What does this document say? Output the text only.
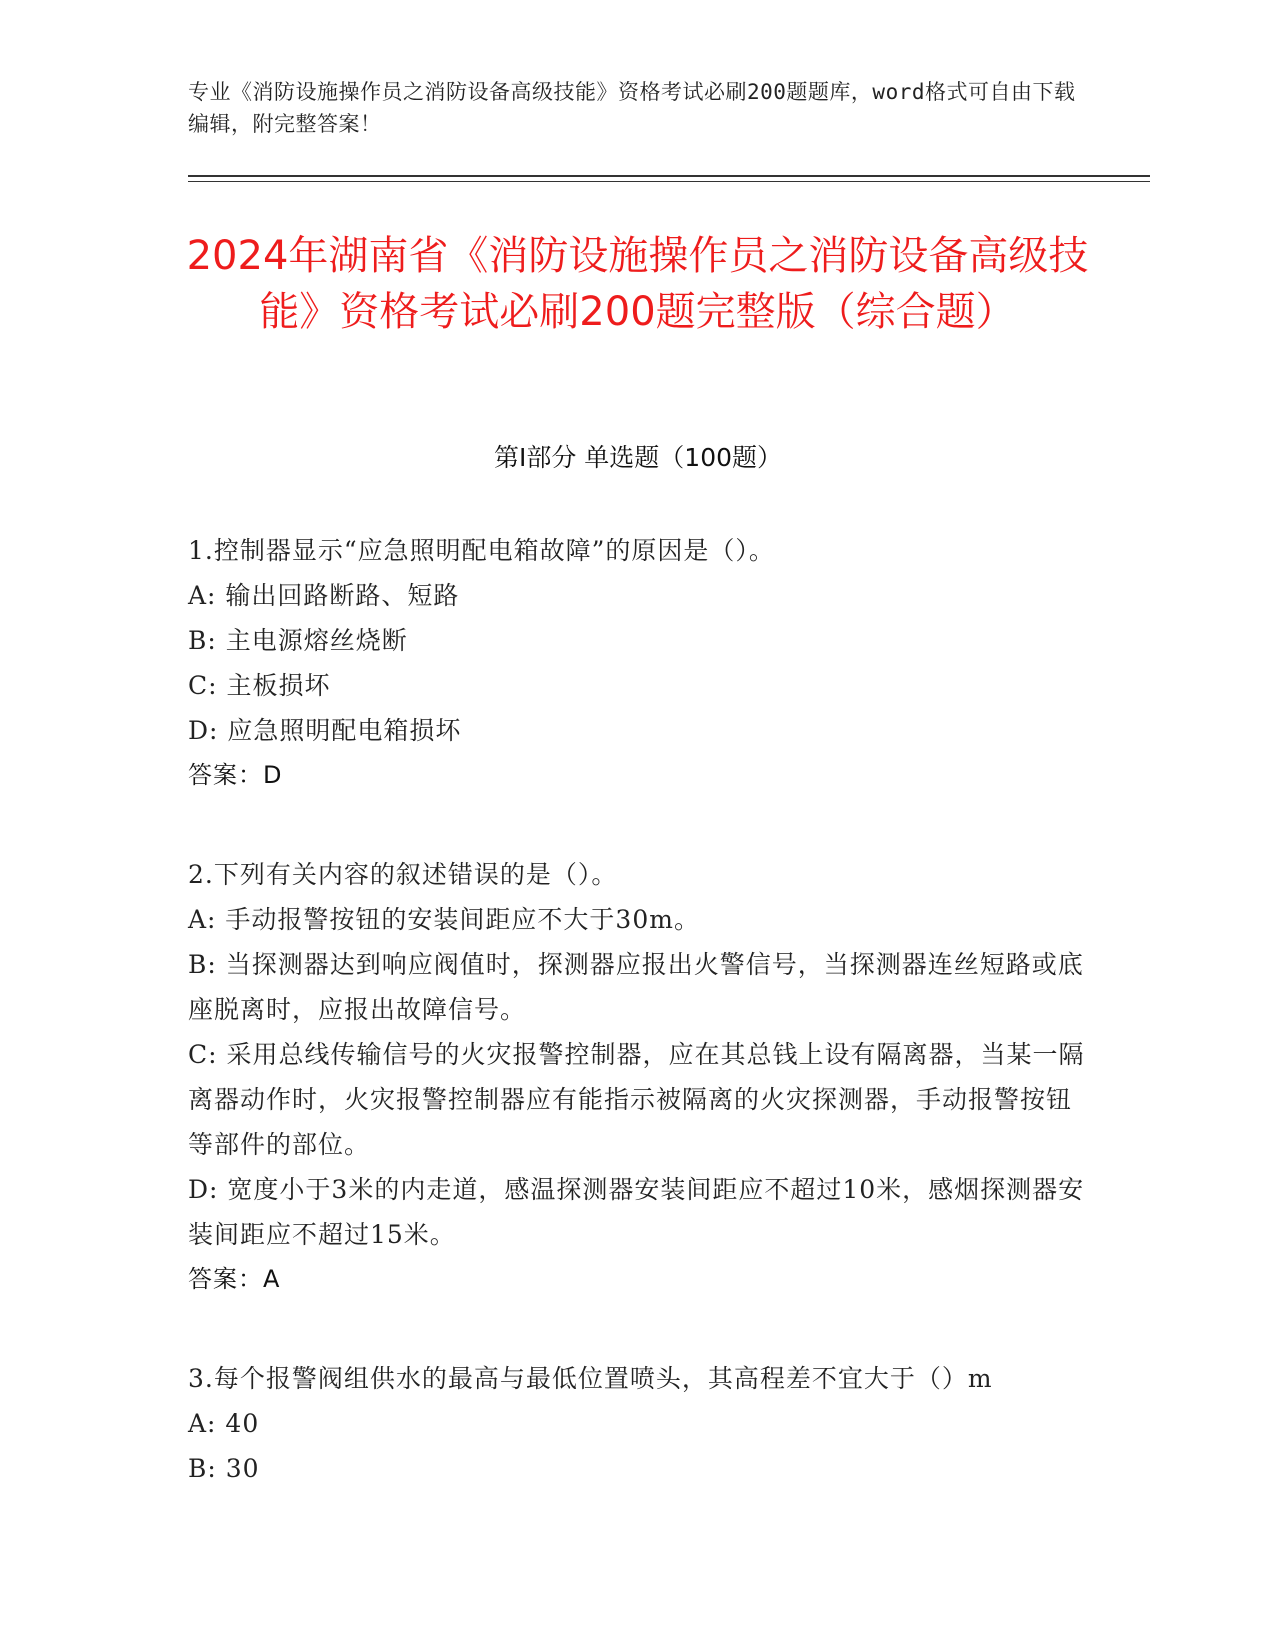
专业《消防设施操作员之消防设备高级技能》资格考试必刷200题题库，word格式可自由下载编辑，附完整答案！
2024年湖南省《消防设施操作员之消防设备高级技能》资格考试必刷200题完整版（综合题）
第I部分 单选题（100题）

1.控制器显示“应急照明配电箱故障”的原因是（）。

A: 输出回路断路、短路

B: 主电源熔丝烧断

C: 主板损坏

D: 应急照明配电箱损坏

答案：D

2.下列有关内容的叙述错误的是（）。

A: 手动报警按钮的安装间距应不大于30m。

B: 当探测器达到响应阀值时，探测器应报出火警信号，当探测器连丝短路或底座脱离时，应报出故障信号。

C: 采用总线传输信号的火灾报警控制器，应在其总钱上设有隔离器，当某一隔离器动作时，火灾报警控制器应有能指示被隔离的火灾探测器，手动报警按钮等部件的部位。

D: 宽度小于3米的内走道，感温探测器安装间距应不超过10米，感烟探测器安装间距应不超过15米。

答案：A

3.每个报警阀组供水的最高与最低位置喷头，其高程差不宜大于（）m

A: 40

B: 30
